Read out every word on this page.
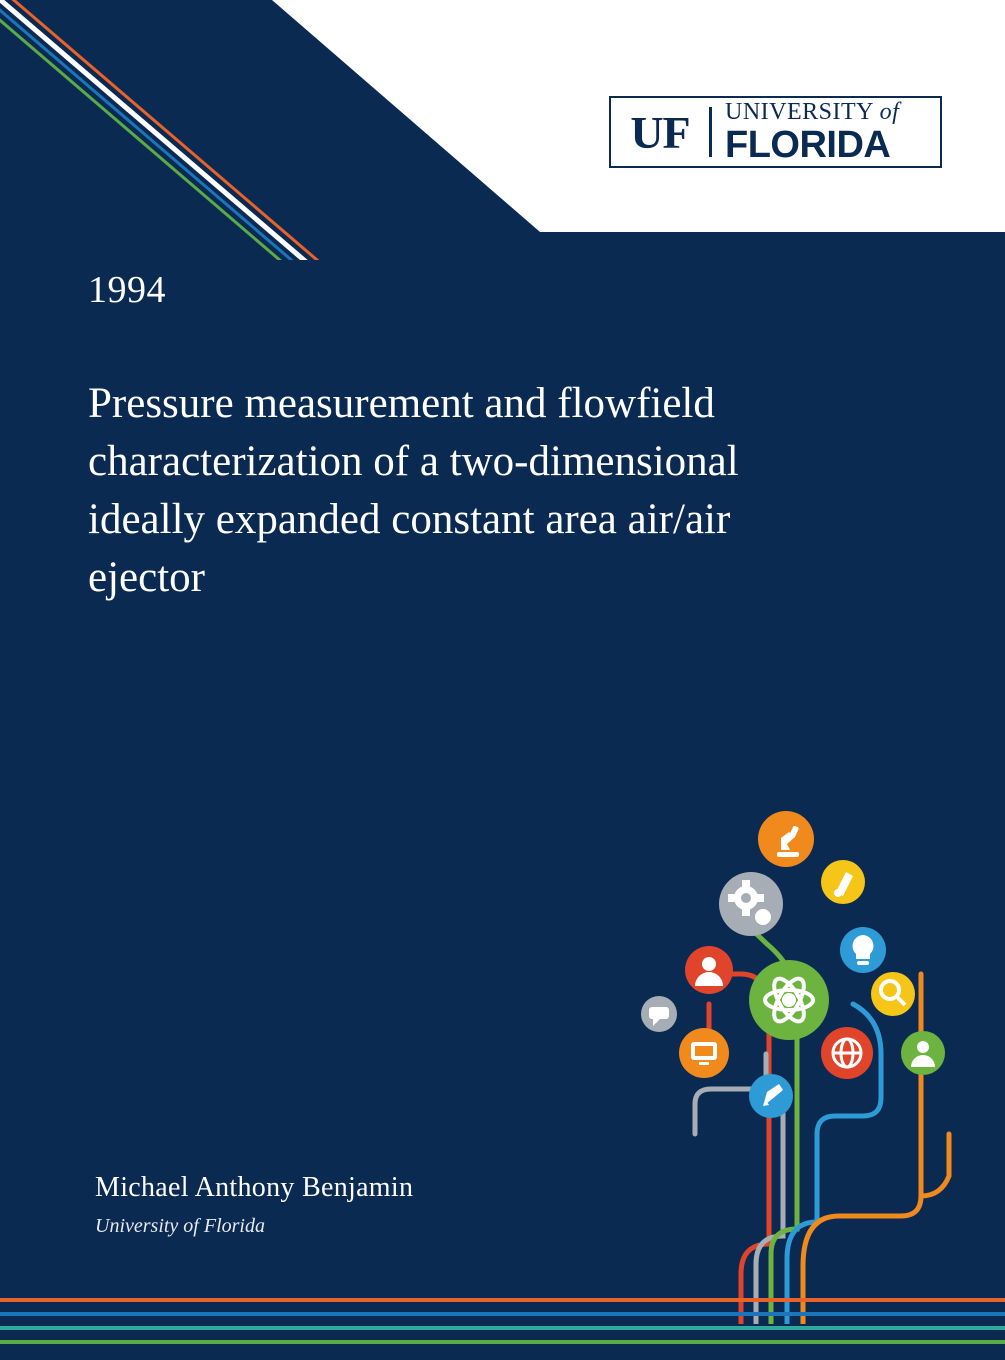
UF	UNIVERSITY of
FLORIDA
1994
Pressure measurement and flowfield characterization of a two-dimensional ideally expanded constant area air/air ejector
Michael Anthony Benjamin
University of Florida
